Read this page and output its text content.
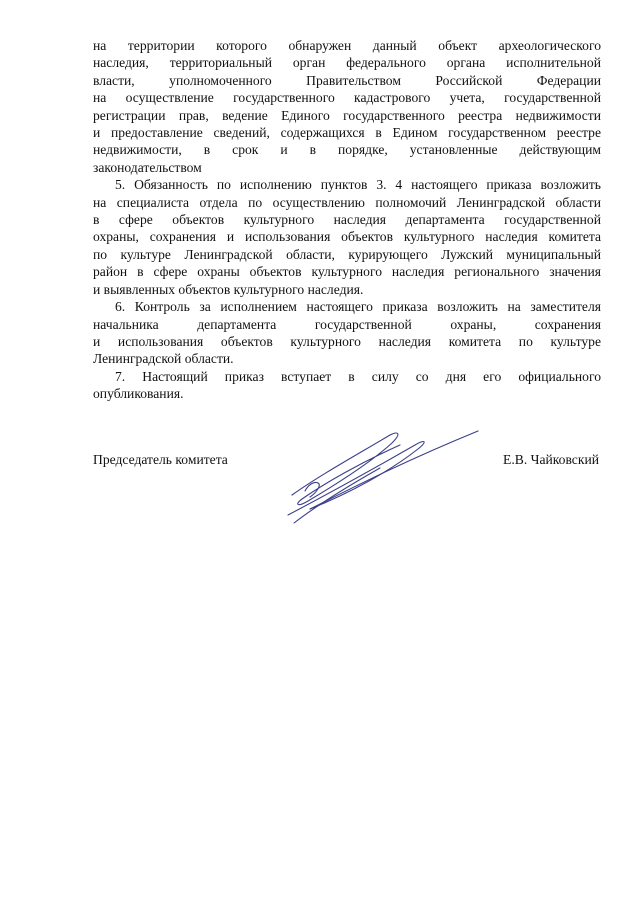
на территории которого обнаружен данный объект археологического
наследия, территориальный орган федерального органа исполнительной
власти, уполномоченного Правительством Российской Федерации
на осуществление государственного кадастрового учета, государственной
регистрации прав, ведение Единого государственного реестра недвижимости
и предоставление сведений, содержащихся в Едином государственном реестре
недвижимости, в срок и в порядке, установленные действующим
законодательством

5. Обязанность по исполнению пунктов 3. 4 настоящего приказа возложить
на специалиста отдела по осуществлению полномочий Ленинградской области
в сфере объектов культурного наследия департамента государственной
охраны, сохранения и использования объектов культурного наследия комитета
по культуре Ленинградской области, курирующего Лужский муниципальный
район в сфере охраны объектов культурного наследия регионального значения
и выявленных объектов культурного наследия.

6. Контроль за исполнением настоящего приказа возложить на заместителя
начальника департамента государственной охраны, сохранения
и использования объектов культурного наследия комитета по культуре
Ленинградской области.

7. Настоящий приказ вступает в силу со дня его официального
опубликования.

Председатель комитета	Е.В. Чайковский
